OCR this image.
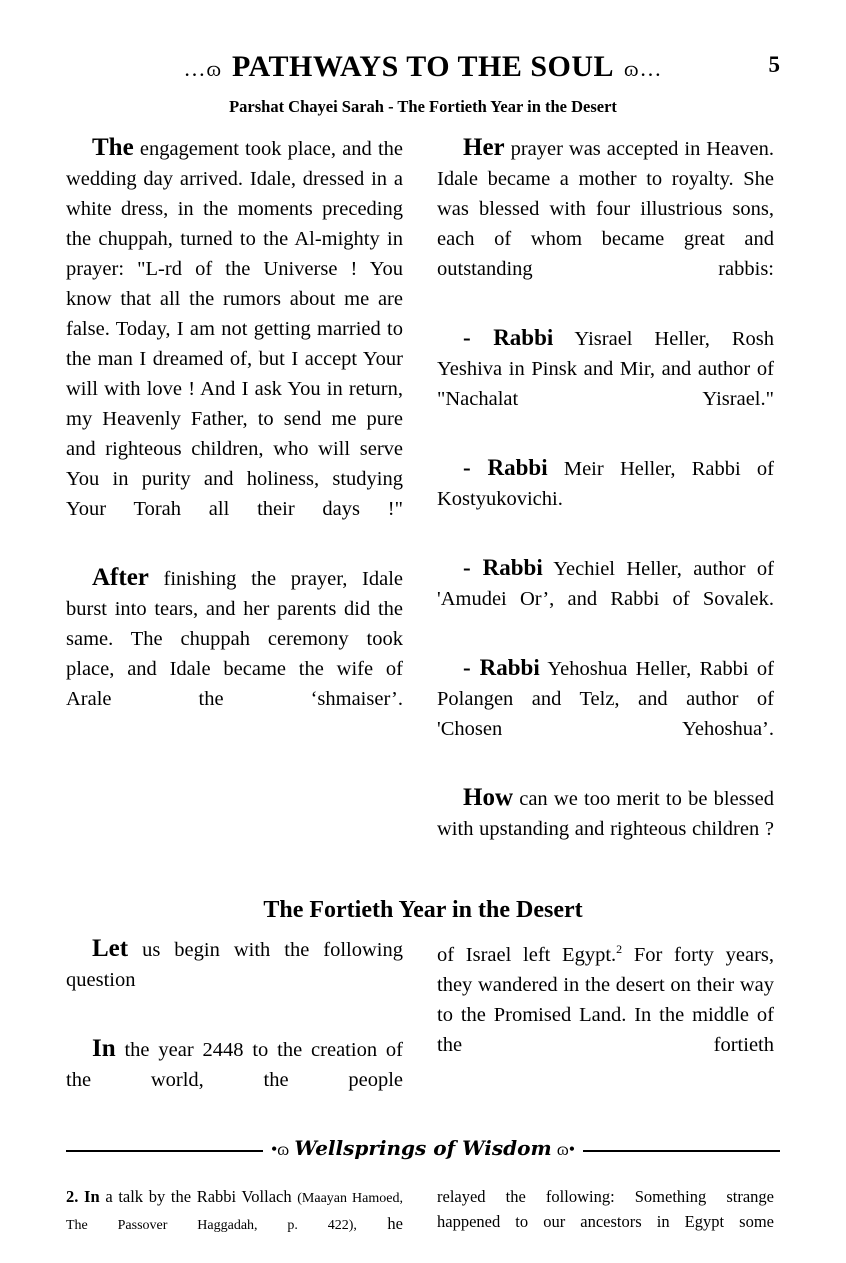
…ɷ PATHWAYS TO THE SOUL ɷ…	5
Parshat Chayei Sarah - The Fortieth Year in the Desert

The engagement took place, and the wedding day arrived. Idale, dressed in a white dress, in the moments preceding the chuppah, turned to the Al-mighty in prayer: "L-rd of the Universe ! You know that all the rumors about me are false. Today, I am not getting married to the man I dreamed of, but I accept Your will with love ! And I ask You in return, my Heavenly Father, to send me pure and righteous children, who will serve You in purity and holiness, studying Your Torah all their days !"

After finishing the prayer, Idale burst into tears, and her parents did the same. The chuppah ceremony took place, and Idale became the wife of Arale the ‘shmaiser’.

Her prayer was accepted in Heaven. Idale became a mother to royalty. She was blessed with four illustrious sons, each of whom became great and outstanding rabbis:

- Rabbi Yisrael Heller, Rosh Yeshiva in Pinsk and Mir, and author of "Nachalat Yisrael."

- Rabbi Meir Heller, Rabbi of Kostyukovichi.

- Rabbi Yechiel Heller, author of 'Amudei Or’, and Rabbi of Sovalek.

- Rabbi Yehoshua Heller, Rabbi of Polangen and Telz, and author of 'Chosen Yehoshua’.

How can we too merit to be blessed with upstanding and righteous children ?

The Fortieth Year in the Desert

Let us begin with the following question

In the year 2448 to the creation of the world, the people

of Israel left Egypt.$^2$ For forty years, they wandered in the desert on their way to the Promised Land. In the middle of the fortieth

•ɷ Wellsprings of Wisdom ɷ•

2. In a talk by the Rabbi Vollach (Maayan Hamoed, The Passover Haggadah, p. 422), he

relayed the following: Something strange happened to our ancestors in Egypt some
